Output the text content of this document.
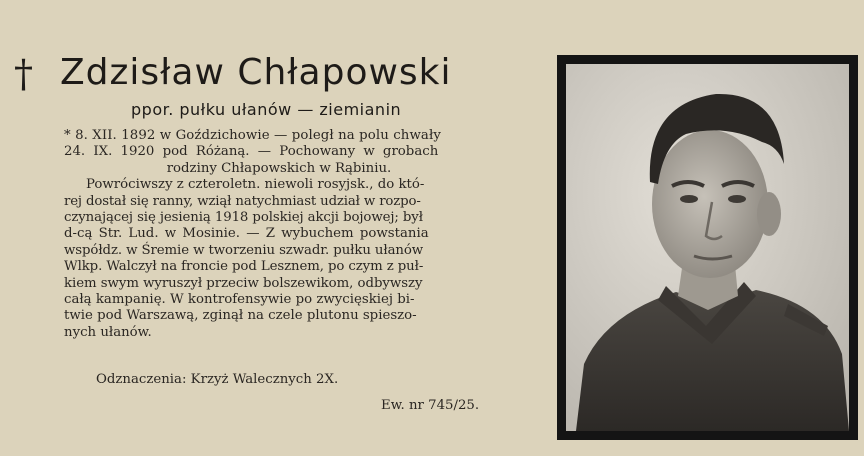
† Zdzisław Chłapowski
ppor. pułku ułanów — ziemianin
* 8. XII. 1892 w Goździchowie — poległ na polu chwały
24. IX. 1920 pod Różaną. — Pochowany w grobach
rodziny Chłapowskich w Rąbiniu.
Powróciwszy z czteroletn. niewoli rosyjsk., do któ-
rej dostał się ranny, wziął natychmiast udział w rozpo-
czynającej się jesienią 1918 polskiej akcji bojowej; był
d-cą Str. Lud. w Mosinie. — Z wybuchem powstania
współdz. w Śremie w tworzeniu szwadr. pułku ułanów
Wlkp. Walczył na froncie pod Lesznem, po czym z puł-
kiem swym wyruszył przeciw bolszewikom, odbywszy
całą kampanię. W kontrofensywie po zwycięskiej bi-
twie pod Warszawą, zginął na czele plutonu spieszo-
nych ułanów.
Odznaczenia: Krzyż Walecznych 2X.
Ew. nr 745/25.
